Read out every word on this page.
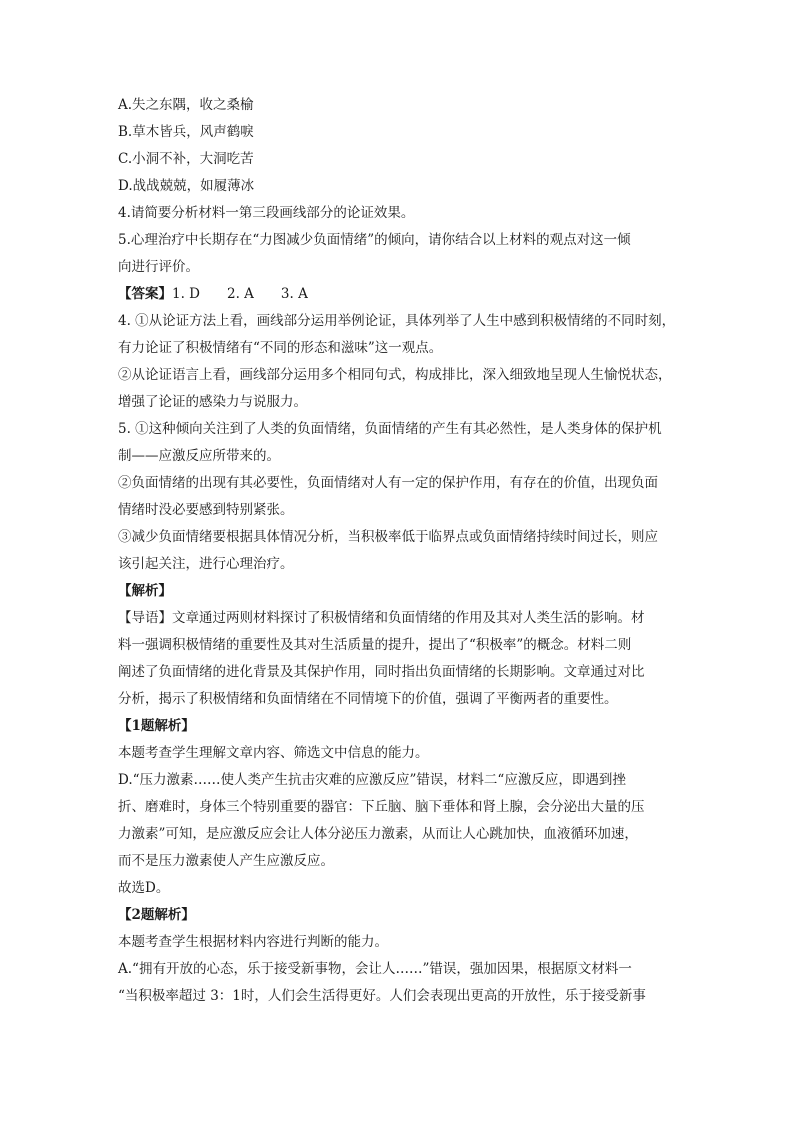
A.失之东隅，收之桑榆
B.草木皆兵，风声鹤唳
C.小洞不补，大洞吃苦
D.战战兢兢，如履薄冰
4.请简要分析材料一第三段画线部分的论证效果。
5.心理治疗中长期存在“力图减少负面情绪”的倾向，请你结合以上材料的观点对这一倾
向进行评价。
【答案】1. D　　2. A　　3. A
4. ①从论证方法上看，画线部分运用举例论证，具体列举了人生中感到积极情绪的不同时刻，
有力论证了积极情绪有“不同的形态和滋味”这一观点。
②从论证语言上看，画线部分运用多个相同句式，构成排比，深入细致地呈现人生愉悦状态，
增强了论证的感染力与说服力。
5. ①这种倾向关注到了人类的负面情绪，负面情绪的产生有其必然性，是人类身体的保护机
制——应激反应所带来的。
②负面情绪的出现有其必要性，负面情绪对人有一定的保护作用，有存在的价值，出现负面
情绪时没必要感到特别紧张。
③减少负面情绪要根据具体情况分析，当积极率低于临界点或负面情绪持续时间过长，则应
该引起关注，进行心理治疗。
【解析】
【导语】文章通过两则材料探讨了积极情绪和负面情绪的作用及其对人类生活的影响。材
料一强调积极情绪的重要性及其对生活质量的提升，提出了“积极率”的概念。材料二则
阐述了负面情绪的进化背景及其保护作用，同时指出负面情绪的长期影响。文章通过对比
分析，揭示了积极情绪和负面情绪在不同情境下的价值，强调了平衡两者的重要性。
【1题解析】
本题考查学生理解文章内容、筛选文中信息的能力。
D.“压力激素……使人类产生抗击灾难的应激反应”错误，材料二“应激反应，即遇到挫
折、磨难时，身体三个特别重要的器官：下丘脑、脑下垂体和肾上腺，会分泌出大量的压
力激素”可知，是应激反应会让人体分泌压力激素，从而让人心跳加快，血液循环加速，
而不是压力激素使人产生应激反应。
故选D。
【2题解析】
本题考查学生根据材料内容进行判断的能力。
A.“拥有开放的心态，乐于接受新事物，会让人……”错误，强加因果，根据原文材料一
“当积极率超过 3：1时，人们会生活得更好。人们会表现出更高的开放性，乐于接受新事
